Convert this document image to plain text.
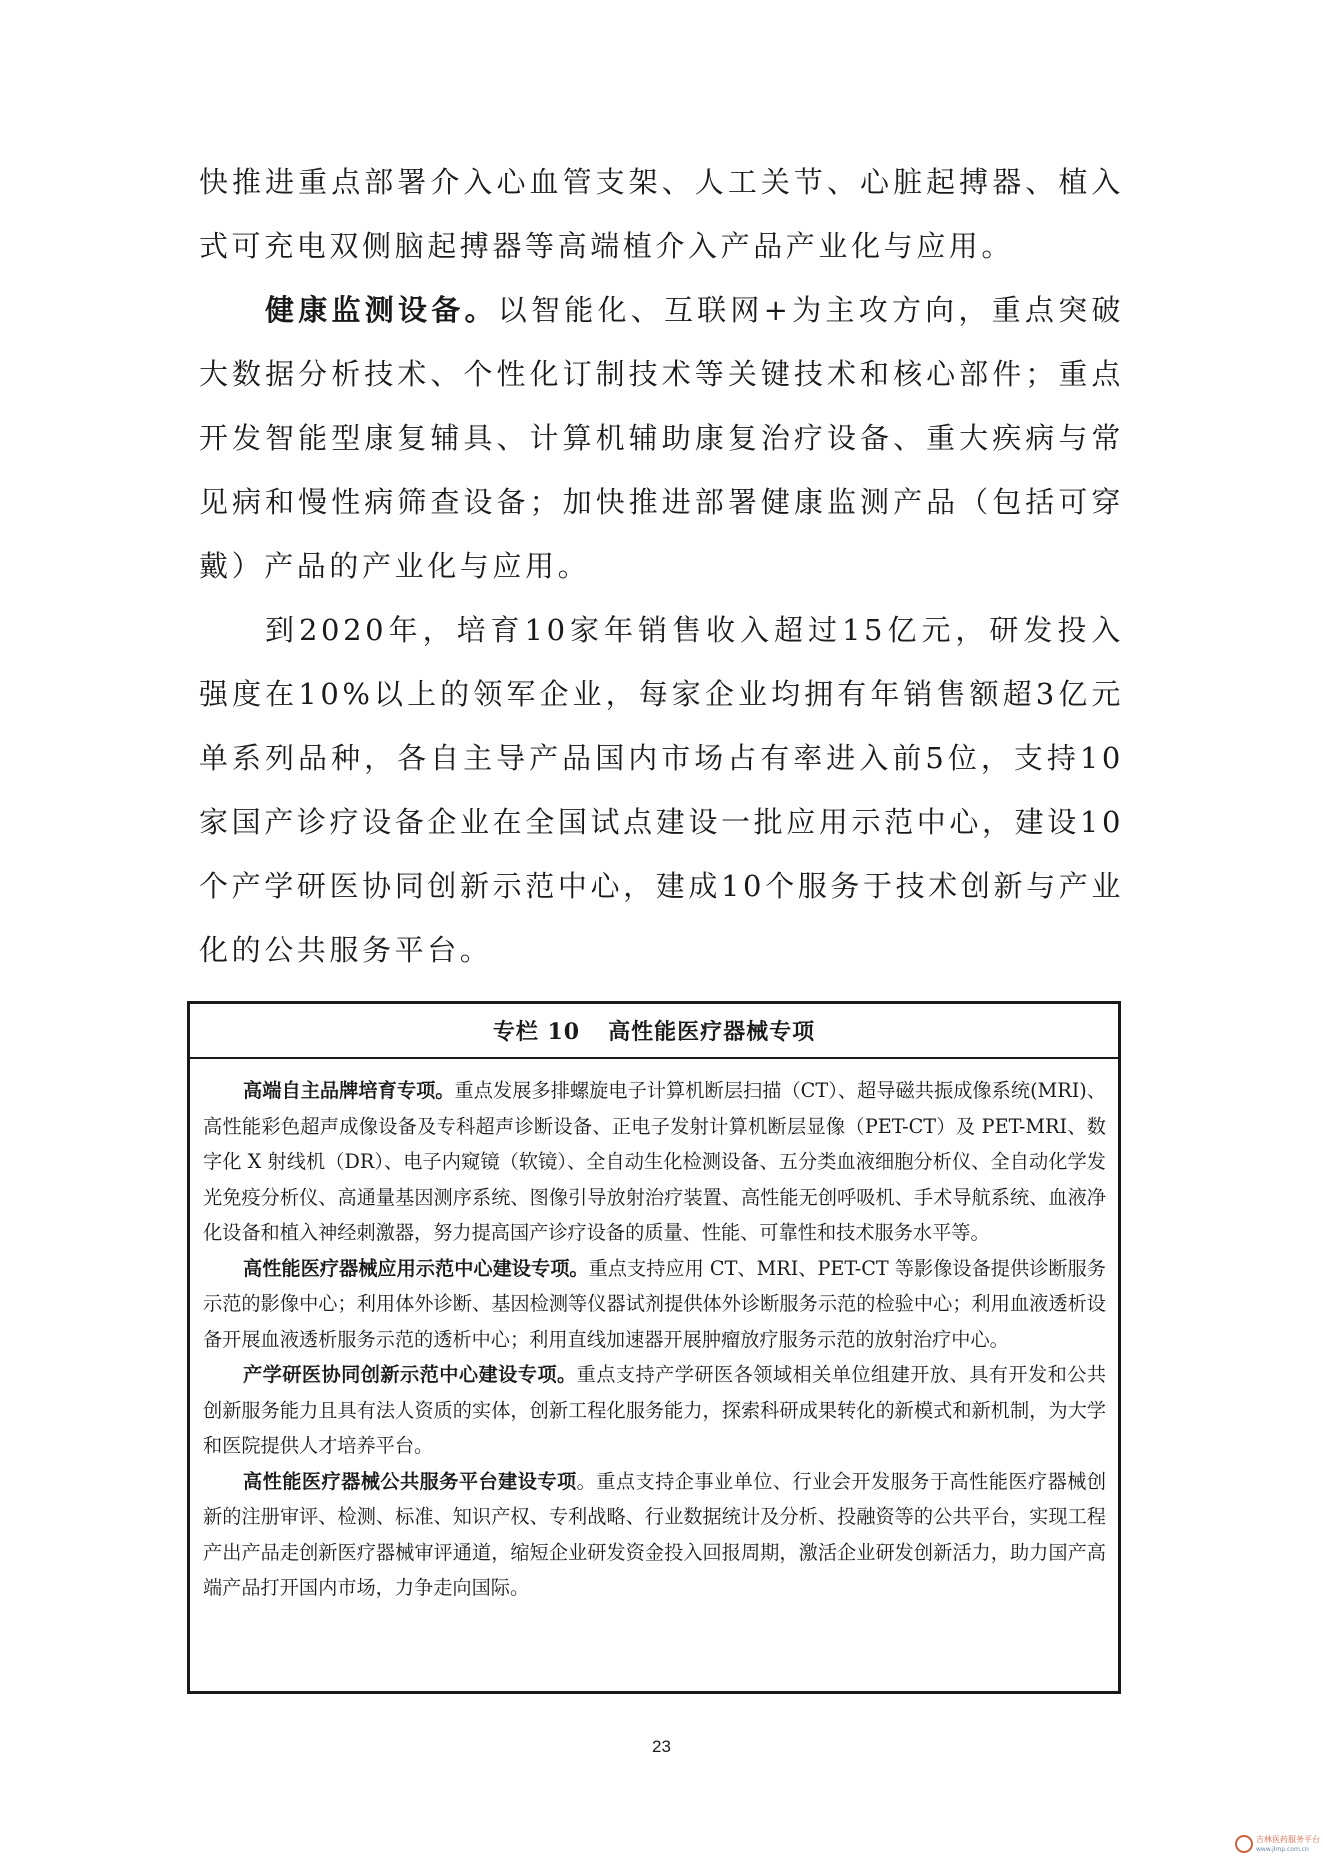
快推进重点部署介入心血管支架、人工关节、心脏起搏器、植入式可充电双侧脑起搏器等高端植介入产品产业化与应用。

健康监测设备。以智能化、互联网+为主攻方向，重点突破大数据分析技术、个性化订制技术等关键技术和核心部件；重点开发智能型康复辅具、计算机辅助康复治疗设备、重大疾病与常见病和慢性病筛查设备；加快推进部署健康监测产品（包括可穿戴）产品的产业化与应用。

到2020年，培育10家年销售收入超过15亿元，研发投入强度在10%以上的领军企业，每家企业均拥有年销售额超3亿元单系列品种，各自主导产品国内市场占有率进入前5位，支持10家国产诊疗设备企业在全国试点建设一批应用示范中心，建设10个产学研医协同创新示范中心，建成10个服务于技术创新与产业化的公共服务平台。

专栏 10 高性能医疗器械专项

高端自主品牌培育专项。重点发展多排螺旋电子计算机断层扫描（CT）、超导磁共振成像系统(MRI)、高性能彩色超声成像设备及专科超声诊断设备、正电子发射计算机断层显像（PET-CT）及 PET-MRI、数字化 X 射线机（DR）、电子内窥镜（软镜）、全自动生化检测设备、五分类血液细胞分析仪、全自动化学发光免疫分析仪、高通量基因测序系统、图像引导放射治疗装置、高性能无创呼吸机、手术导航系统、血液净化设备和植入神经刺激器，努力提高国产诊疗设备的质量、性能、可靠性和技术服务水平等。

高性能医疗器械应用示范中心建设专项。重点支持应用 CT、MRI、PET-CT 等影像设备提供诊断服务示范的影像中心；利用体外诊断、基因检测等仪器试剂提供体外诊断服务示范的检验中心；利用血液透析设备开展血液透析服务示范的透析中心；利用直线加速器开展肿瘤放疗服务示范的放射治疗中心。

产学研医协同创新示范中心建设专项。重点支持产学研医各领域相关单位组建开放、具有开发和公共创新服务能力且具有法人资质的实体，创新工程化服务能力，探索科研成果转化的新模式和新机制，为大学和医院提供人才培养平台。

高性能医疗器械公共服务平台建设专项。重点支持企事业单位、行业会开发服务于高性能医疗器械创新的注册审评、检测、标准、知识产权、专利战略、行业数据统计及分析、投融资等的公共平台，实现工程产出产品走创新医疗器械审评通道，缩短企业研发资金投入回报周期，激活企业研发创新活力，助力国产高端产品打开国内市场，力争走向国际。

23
吉林医药服务平台
www.jlmp.com.cn
